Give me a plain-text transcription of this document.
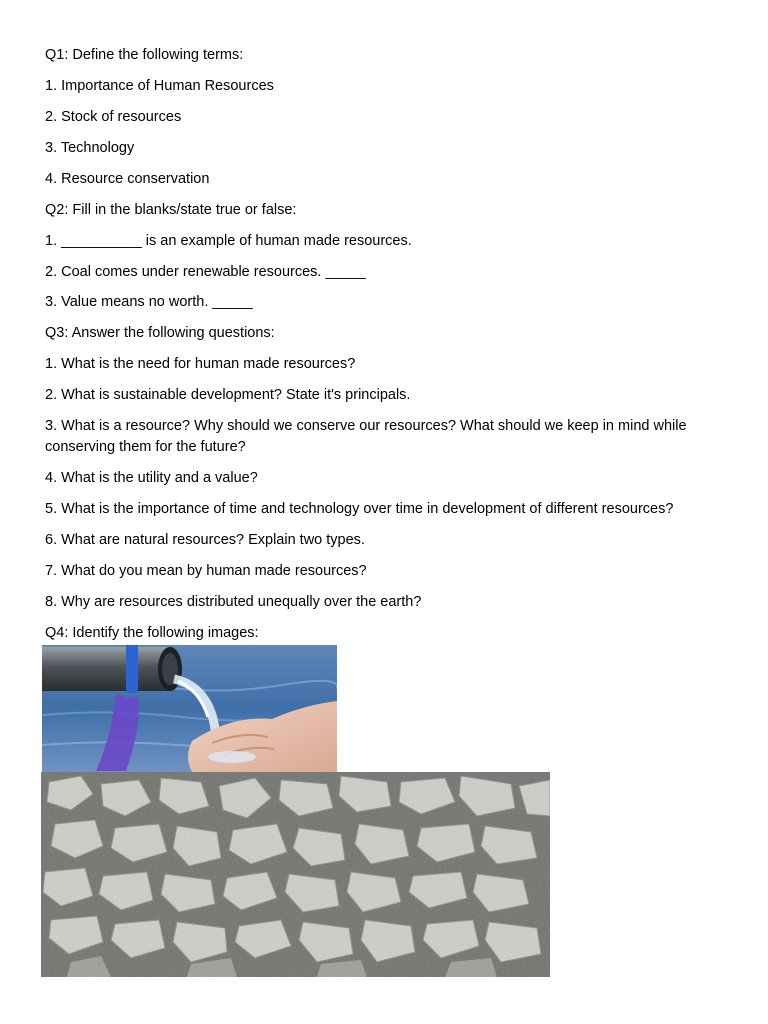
Q1: Define the following terms:
1. Importance of Human Resources
2. Stock of resources
3. Technology
4. Resource conservation
Q2: Fill in the blanks/state true or false:
1. __________ is an example of human made resources.
2. Coal comes under renewable resources. _____
3. Value means no worth. _____
Q3: Answer the following questions:
1. What is the need for human made resources?
2. What is sustainable development? State it's principals.
3. What is a resource? Why should we conserve our resources? What should we keep in mind while conserving them for the future?
4. What is the utility and a value?
5. What is the importance of time and technology over time in development of different resources?
6. What are natural resources? Explain two types.
7. What do you mean by human made resources?
8. Why are resources distributed unequally over the earth?
Q4: Identify the following images:
